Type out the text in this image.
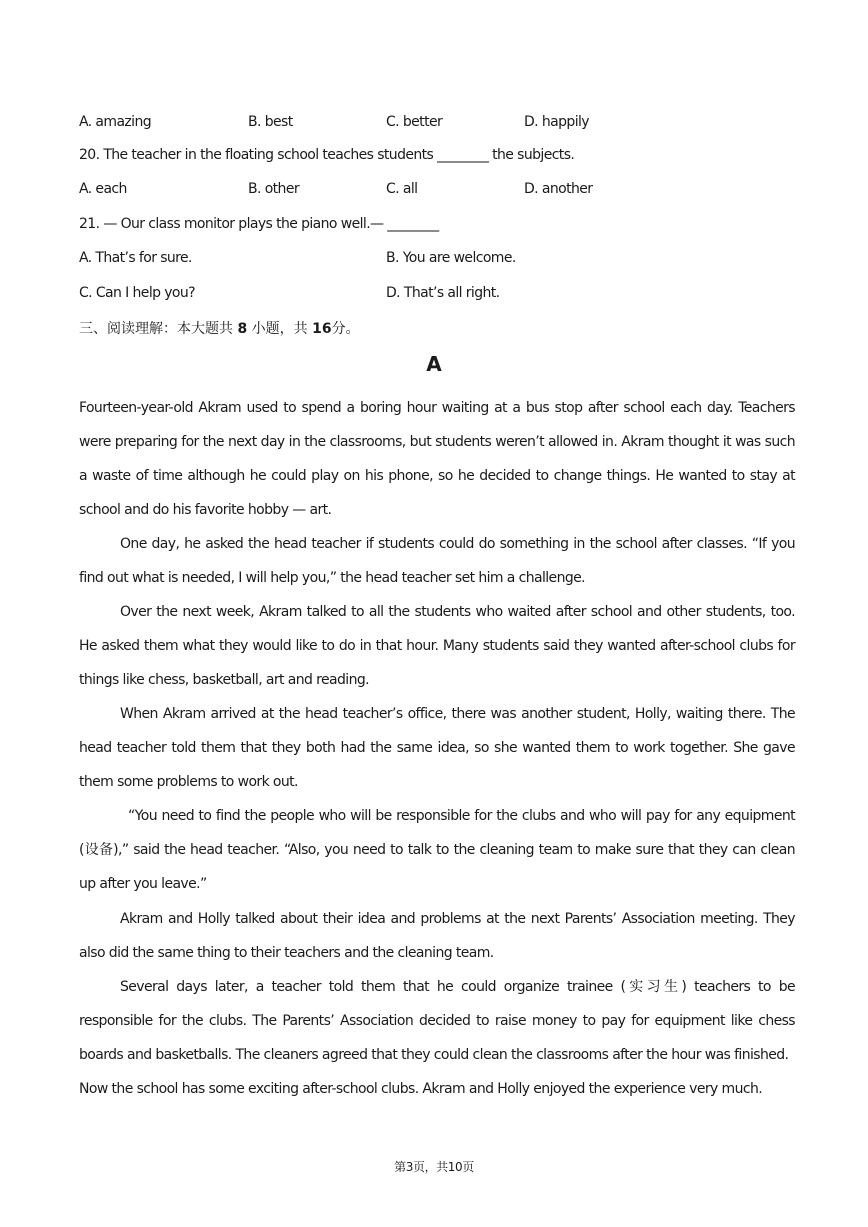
A. amazing	B. best	C. better	D. happily
20. The teacher in the floating school teaches students ________ the subjects.
A. each	B. other	C. all	D. another
21. — Our class monitor plays the piano well.— ________
A. That’s for sure.	B. You are welcome.
C. Can I help you?	D. That’s all right.
三、阅读理解：本大题共 8 小题，共 16分。
A
Fourteen-year-old Akram used to spend a boring hour waiting at a bus stop after school each day. Teachers were preparing for the next day in the classrooms, but students weren’t allowed in. Akram thought it was such a waste of time although he could play on his phone, so he decided to change things. He wanted to stay at school and do his favorite hobby — art.
One day, he asked the head teacher if students could do something in the school after classes. “If you find out what is needed, I will help you,” the head teacher set him a challenge.
Over the next week, Akram talked to all the students who waited after school and other students, too. He asked them what they would like to do in that hour. Many students said they wanted after-school clubs for things like chess, basketball, art and reading.
When Akram arrived at the head teacher’s office, there was another student, Holly, waiting there. The head teacher told them that they both had the same idea, so she wanted them to work together. She gave them some problems to work out.
“You need to find the people who will be responsible for the clubs and who will pay for any equipment (设备),” said the head teacher. “Also, you need to talk to the cleaning team to make sure that they can clean up after you leave.”
Akram and Holly talked about their idea and problems at the next Parents’ Association meeting. They also did the same thing to their teachers and the cleaning team.
Several days later, a teacher told them that he could organize trainee (实习生) teachers to be responsible for the clubs. The Parents’ Association decided to raise money to pay for equipment like chess boards and basketballs. The cleaners agreed that they could clean the classrooms after the hour was finished.
Now the school has some exciting after-school clubs. Akram and Holly enjoyed the experience very much.
第3页，共10页
